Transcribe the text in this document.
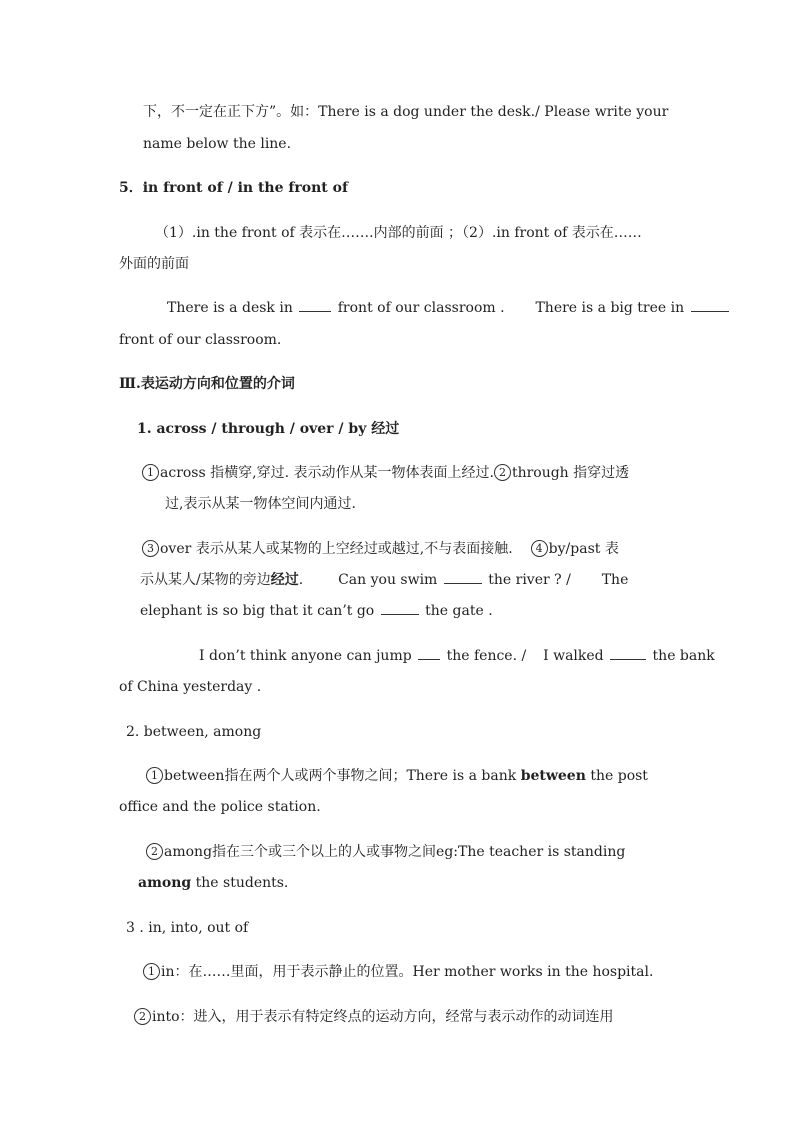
下，不一定在正下方”。如：There is a dog under the desk./ Please write your
name below the line.
5．in front of / in the front of
（1）.in the front of 表示在…….内部的前面 ；（2）.in front of 表示在……
外面的前面
There is a desk in	front of our classroom . There is a big tree in
front of our classroom.
Ⅲ.表运动方向和位置的介词
1. across / through / over / by 经过
1 across 指横穿,穿过. 表示动作从某一物体表面上经过. 2 through 指穿过透
过,表示从某一物体空间内通过.
3 over 表示从某人或某物的上空经过或越过,不与表面接触. 4 by/past 表
示从某人/某物的旁边经过.  Can you swim	the river ? / The
elephant is so big that it can’t go	the gate .
I don’t think anyone can jump the fence. / I walked	the bank
of China yesterday .
2. between, among
1 between指在两个人或两个事物之间；There is a bank between the post
office and the police station.
2 among指在三个或三个以上的人或事物之间eg:The teacher is standing
among the students.
3 . in, into, out of
1 in：在……里面，用于表示静止的位置。Her mother works in the hospital.
2 into：进入，用于表示有特定终点的运动方向，经常与表示动作的动词连用
